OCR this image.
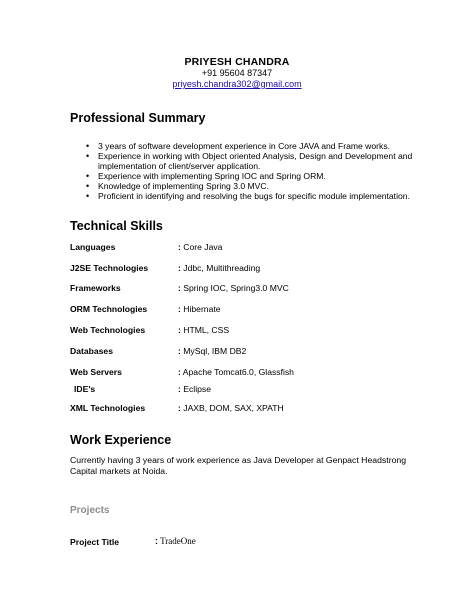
PRIYESH CHANDRA
+91 95604 87347
priyesh.chandra302@gmail.com
Professional Summary
• 3 years of software development experience in Core JAVA and Frame works.
• Experience in working with Object oriented Analysis, Design and Development and implementation of client/server application.
• Experience with implementing Spring IOC and Spring ORM.
• Knowledge of implementing Spring 3.0 MVC.
• Proficient in identifying and resolving the bugs for specific module implementation.
Technical Skills
Languages	: Core Java
J2SE Technologies	: Jdbc, Multithreading
Frameworks	: Spring IOC, Spring3.0 MVC
ORM Technologies	: Hibernate
Web Technologies	: HTML, CSS
Databases	: MySql, IBM DB2
Web Servers	: Apache Tomcat6.0, Glassfish
IDE's	: Eclipse
XML Technologies	: JAXB, DOM, SAX, XPATH
Work Experience
Currently having 3 years of work experience as Java Developer at Genpact Headstrong Capital markets at Noida.
Projects
Project Title	: TradeOne
